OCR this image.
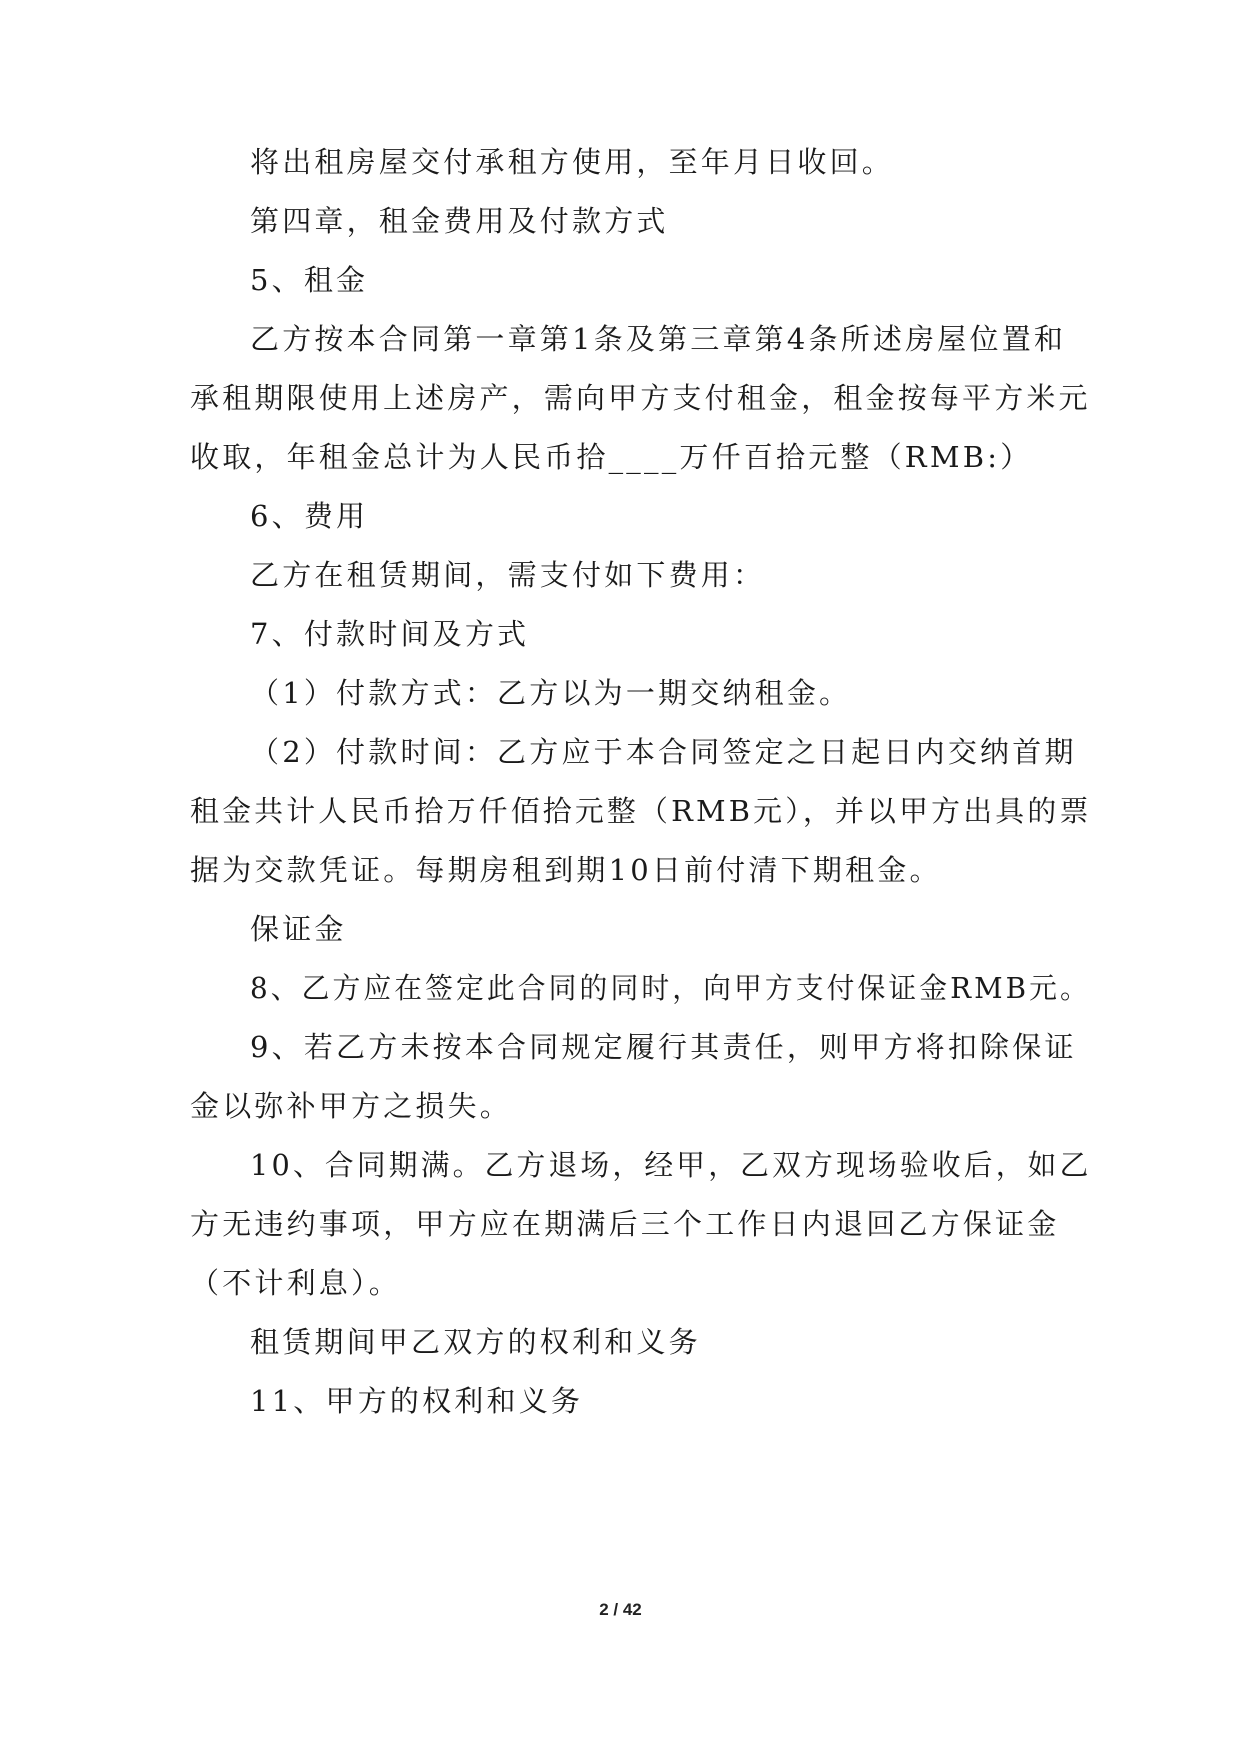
将出租房屋交付承租方使用，至年月日收回。
第四章，租金费用及付款方式
5、租金
乙方按本合同第一章第1条及第三章第4条所述房屋位置和
承租期限使用上述房产，需向甲方支付租金，租金按每平方米元
收取，年租金总计为人民币拾____万仟百拾元整（RMB:）
6、费用
乙方在租赁期间，需支付如下费用：
7、付款时间及方式
（1）付款方式：乙方以为一期交纳租金。
（2）付款时间：乙方应于本合同签定之日起日内交纳首期
租金共计人民币拾万仟佰拾元整（RMB元），并以甲方出具的票
据为交款凭证。每期房租到期10日前付清下期租金。
保证金
8、乙方应在签定此合同的同时，向甲方支付保证金RMB元。
9、若乙方未按本合同规定履行其责任，则甲方将扣除保证
金以弥补甲方之损失。
10、合同期满。乙方退场，经甲，乙双方现场验收后，如乙
方无违约事项，甲方应在期满后三个工作日内退回乙方保证金
（不计利息）。
租赁期间甲乙双方的权利和义务
11、甲方的权利和义务
2 / 42
